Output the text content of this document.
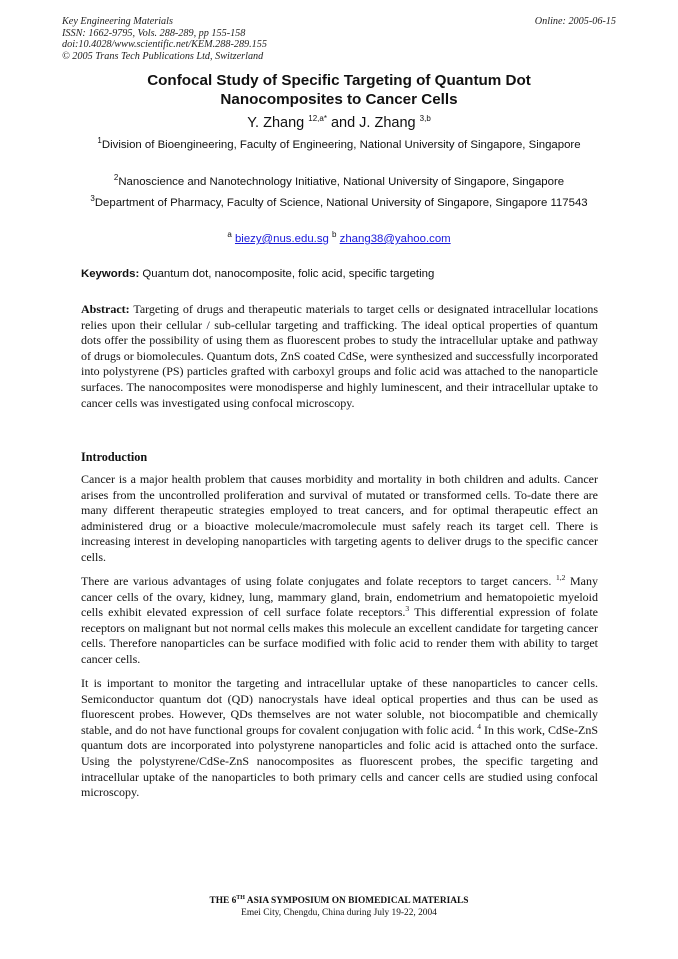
Key Engineering Materials
ISSN: 1662-9795, Vols. 288-289, pp 155-158
doi:10.4028/www.scientific.net/KEM.288-289.155
© 2005 Trans Tech Publications Ltd, Switzerland
Online: 2005-06-15
Confocal Study of Specific Targeting of Quantum Dot
Nanocomposites to Cancer Cells
Y. Zhang $^{12,a*}$ and J. Zhang $^{3,b}$
$^1$Division of Bioengineering, Faculty of Engineering, National University of Singapore, Singapore
$^2$Nanoscience and Nanotechnology Initiative, National University of Singapore, Singapore
$^3$Department of Pharmacy, Faculty of Science, National University of Singapore, Singapore 117543
$^a$ biezy@nus.edu.sg $^b$ zhang38@yahoo.com
Keywords: Quantum dot, nanocomposite, folic acid, specific targeting
Abstract: Targeting of drugs and therapeutic materials to target cells or designated intracellular locations relies upon their cellular / sub-cellular targeting and trafficking. The ideal optical properties of quantum dots offer the possibility of using them as fluorescent probes to study the intracellular uptake and pathway of drugs or biomolecules. Quantum dots, ZnS coated CdSe, were synthesized and successfully incorporated into polystyrene (PS) particles grafted with carboxyl groups and folic acid was attached to the nanoparticle surfaces. The nanocomposites were monodisperse and highly luminescent, and their intracellular uptake to cancer cells was investigated using confocal microscopy.
Introduction
Cancer is a major health problem that causes morbidity and mortality in both children and adults. Cancer arises from the uncontrolled proliferation and survival of mutated or transformed cells. To-date there are many different therapeutic strategies employed to treat cancers, and for optimal therapeutic effect an administered drug or a bioactive molecule/macromolecule must safely reach its target cell. There is increasing interest in developing nanoparticles with targeting agents to deliver drugs to the specific cancer cells.
There are various advantages of using folate conjugates and folate receptors to target cancers. $^{1,2}$ Many cancer cells of the ovary, kidney, lung, mammary gland, brain, endometrium and hematopoietic myeloid cells exhibit elevated expression of cell surface folate receptors.$^3$ This differential expression of folate receptors on malignant but not normal cells makes this molecule an excellent candidate for targeting cancer cells. Therefore nanoparticles can be surface modified with folic acid to render them with ability to target cancer cells.
It is important to monitor the targeting and intracellular uptake of these nanoparticles to cancer cells. Semiconductor quantum dot (QD) nanocrystals have ideal optical properties and thus can be used as fluorescent probes. However, QDs themselves are not water soluble, not biocompatible and chemically stable, and do not have functional groups for covalent conjugation with folic acid. $^4$ In this work, CdSe-ZnS quantum dots are incorporated into polystyrene nanoparticles and folic acid is attached onto the surface. Using the polystyrene/CdSe-ZnS nanocomposites as fluorescent probes, the specific targeting and intracellular uptake of the nanoparticles to both primary cells and cancer cells are studied using confocal microscopy.
THE 6TH ASIA SYMPOSIUM ON BIOMEDICAL MATERIALS
Emei City, Chengdu, China during July 19-22, 2004
